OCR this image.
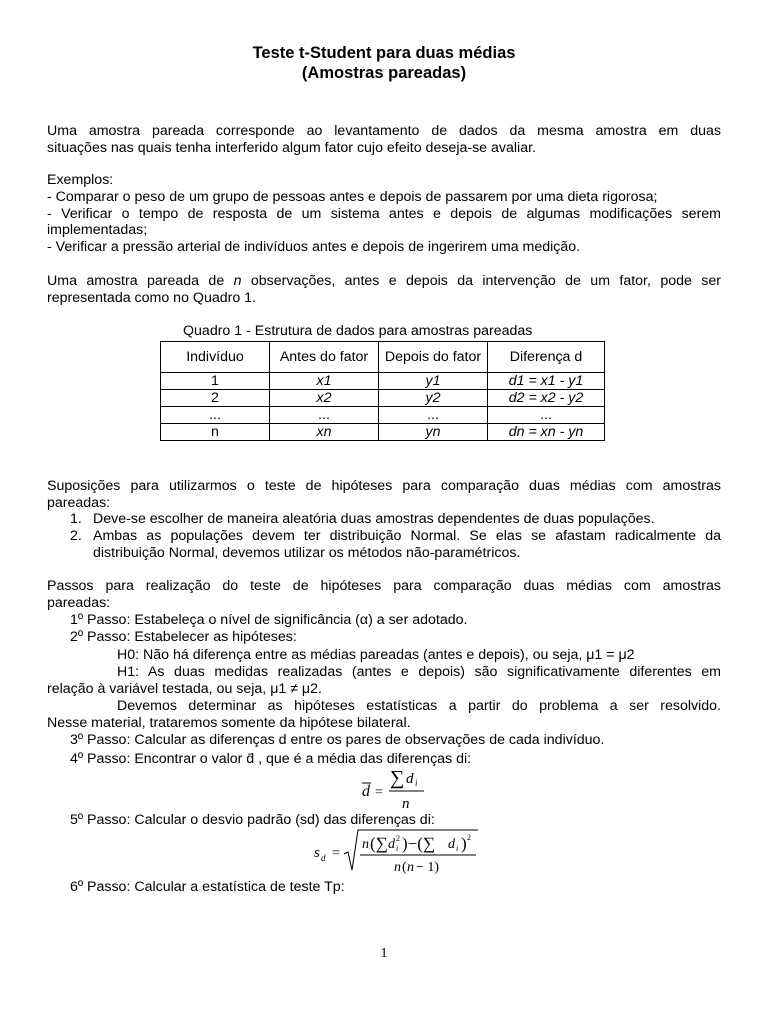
Teste t-Student para duas médias
(Amostras pareadas)
Uma amostra pareada corresponde ao levantamento de dados da mesma amostra em duas
situações nas quais tenha interferido algum fator cujo efeito deseja-se avaliar.
Exemplos:
- Comparar o peso de um grupo de pessoas antes e depois de passarem por uma dieta rigorosa;
- Verificar o tempo de resposta de um sistema antes e depois de algumas modificações serem
implementadas;
- Verificar a pressão arterial de indivíduos antes e depois de ingerirem uma medição.
Uma amostra pareada de n observações, antes e depois da intervenção de um fator, pode ser
representada como no Quadro 1.
Quadro 1 - Estrutura de dados para amostras pareadas
Indivíduo	Antes do fator	Depois do fator	Diferença d
1	x1	y1	d1 = x1 - y1
2	x2	y2	d2 = x2 - y2
...	...	...	...
n	xn	yn	dn = xn - yn
Suposições para utilizarmos o teste de hipóteses para comparação duas médias com amostras
pareadas:
1. Deve-se escolher de maneira aleatória duas amostras dependentes de duas populações.
2. Ambas as populações devem ter distribuição Normal. Se elas se afastam radicalmente da
distribuição Normal, devemos utilizar os métodos não-paramétricos.
Passos para realização do teste de hipóteses para comparação duas médias com amostras
pareadas:
1º Passo: Estabeleça o nível de significância (α) a ser adotado.
2º Passo: Estabelecer as hipóteses:
H0: Não há diferença entre as médias pareadas (antes e depois), ou seja, μ1 = μ2
H1: As duas medidas realizadas (antes e depois) são significativamente diferentes em
relação à variável testada, ou seja, μ1 ≠ μ2.
Devemos determinar as hipóteses estatísticas a partir do problema a ser resolvido.
Nesse material, trataremos somente da hipótese bilateral.
3º Passo: Calcular as diferenças d entre os pares de observações de cada indivíduo.
4º Passo: Encontrar o valor d̄ , que é a média das diferenças di:
d =
∑ d i
n
5º Passo: Calcular o desvio padrão (sd) das diferenças di:
s d =
n (∑ d 2
i )−(∑ d i ) 2
n ( n − 1)
6º Passo: Calcular a estatística de teste Tp:
1
